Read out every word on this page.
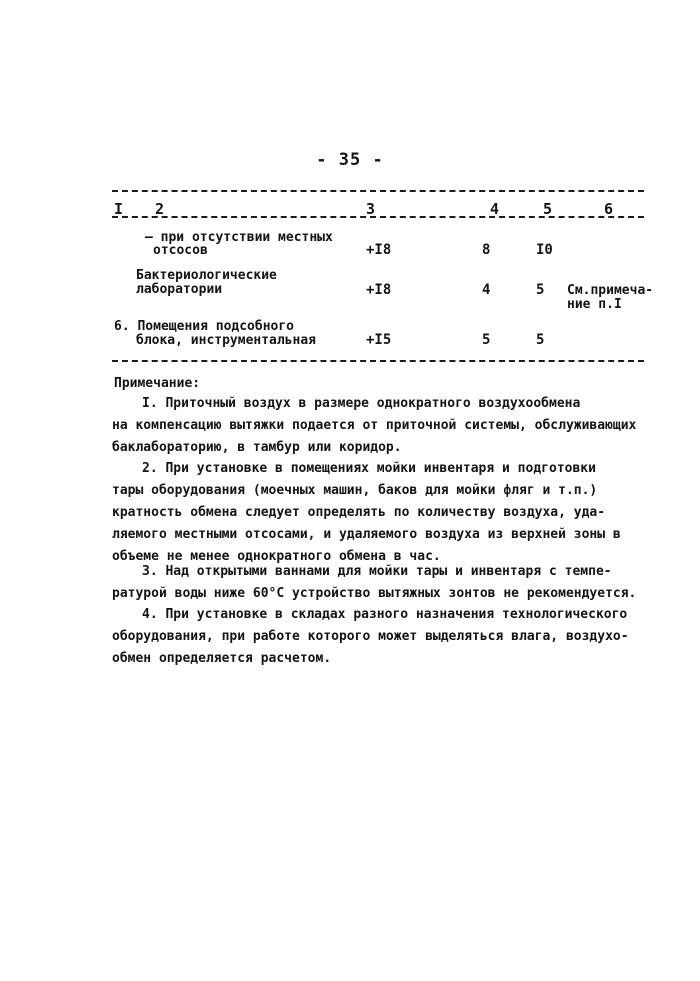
- 35 -
I 2	3	4	5	6
– при отсутствии местных
отсосов	+I8	8	I0
Бактериологические
лаборатории	+I8	4	5 См.примеча-
ние п.I
6. Помещения подсобного
блока, инструментальная	+I5	5	5
Примечание:

I. Приточный воздух в размере однократного воздухообмена
на компенсацию вытяжки подается от приточной системы, обслуживающих
баклабораторию, в тамбур или коридор.

2. При установке в помещениях мойки инвентаря и подготовки
тары оборудования (моечных машин, баков для мойки фляг и т.п.)
кратность обмена следует определять по количеству воздуха, уда-
ляемого местными отсосами, и удаляемого воздуха из верхней зоны в
объеме не менее однократного обмена в час.

3. Над открытыми ваннами для мойки тары и инвентаря с темпе-
ратурой воды ниже 60°С устройство вытяжных зонтов не рекомендуется.

4. При установке в складах разного назначения технологического
оборудования, при работе которого может выделяться влага, воздухо-
обмен определяется расчетом.
